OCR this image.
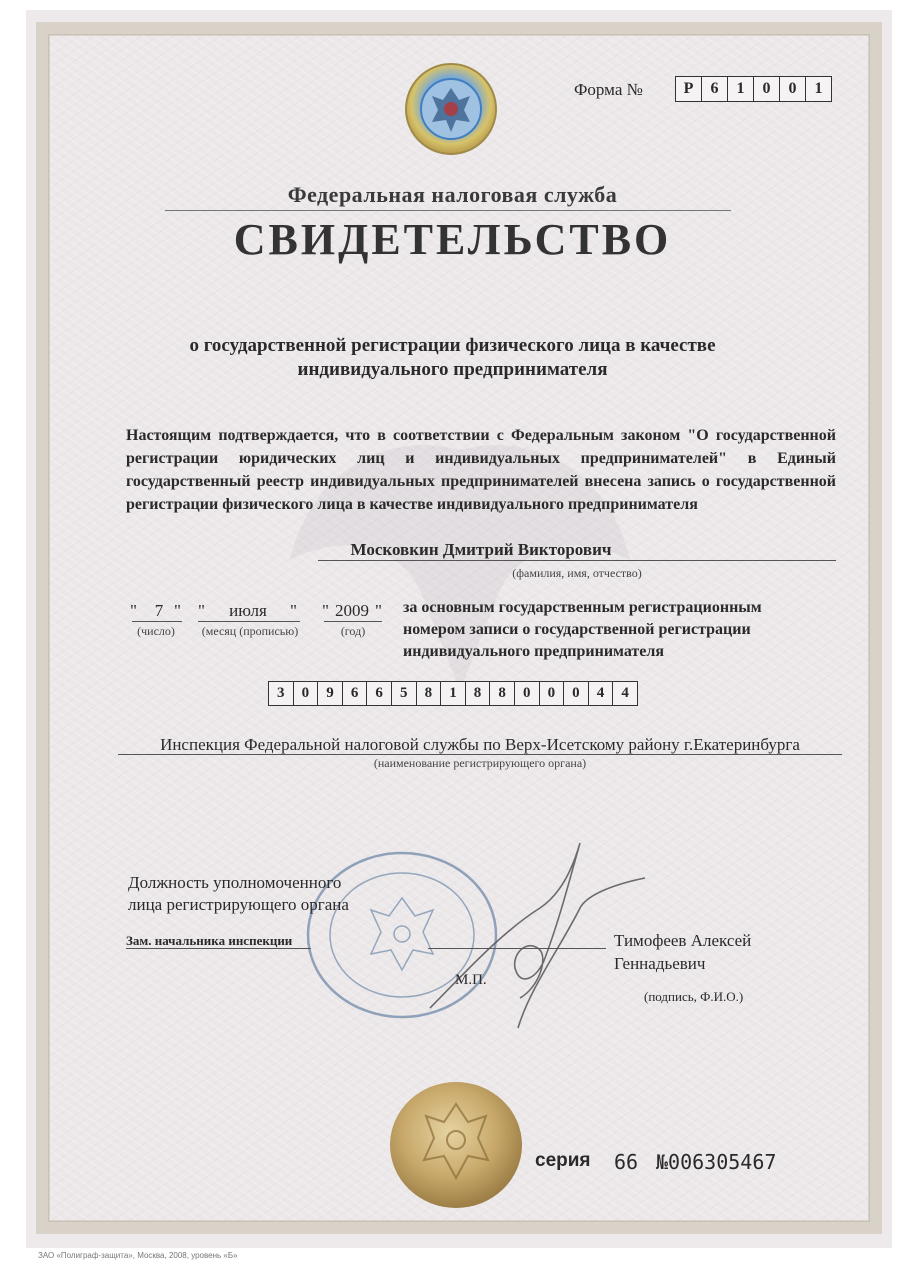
Форма №	Р	6	1	0	0	1
Федеральная налоговая служба
СВИДЕТЕЛЬСТВО
о государственной регистрации физического лица в качестве
индивидуального предпринимателя
Настоящим подтверждается, что в соответствии с Федеральным законом "О государственной регистрации юридических лиц и индивидуальных предпринимателей" в Единый государственный реестр индивидуальных предпринимателей внесена запись о государственной регистрации физического лица в качестве индивидуального предпринимателя
Московкин Дмитрий Викторович
(фамилия, имя, отчество)
"	7 "
(число)
"	июля	"
(месяц (прописью)
" 2009 "
(год)
за основным государственным регистрационным номером записи о государственной регистрации индивидуального предпринимателя
3	0	9	6	6	5	8	1	8	8	0	0	0	4	4
Инспекция Федеральной налоговой службы по Верх-Исетскому району г.Екатеринбурга
(наименование регистрирующего органа)
Должность уполномоченного
лица регистрирующего органа
Зам. начальника инспекции	Тимофеев Алексей
Геннадьевич
М.П.
(подпись, Ф.И.О.)
серия 66 №006305467
ЗАО «Полиграф-защита», Москва, 2008, уровень «Б»
